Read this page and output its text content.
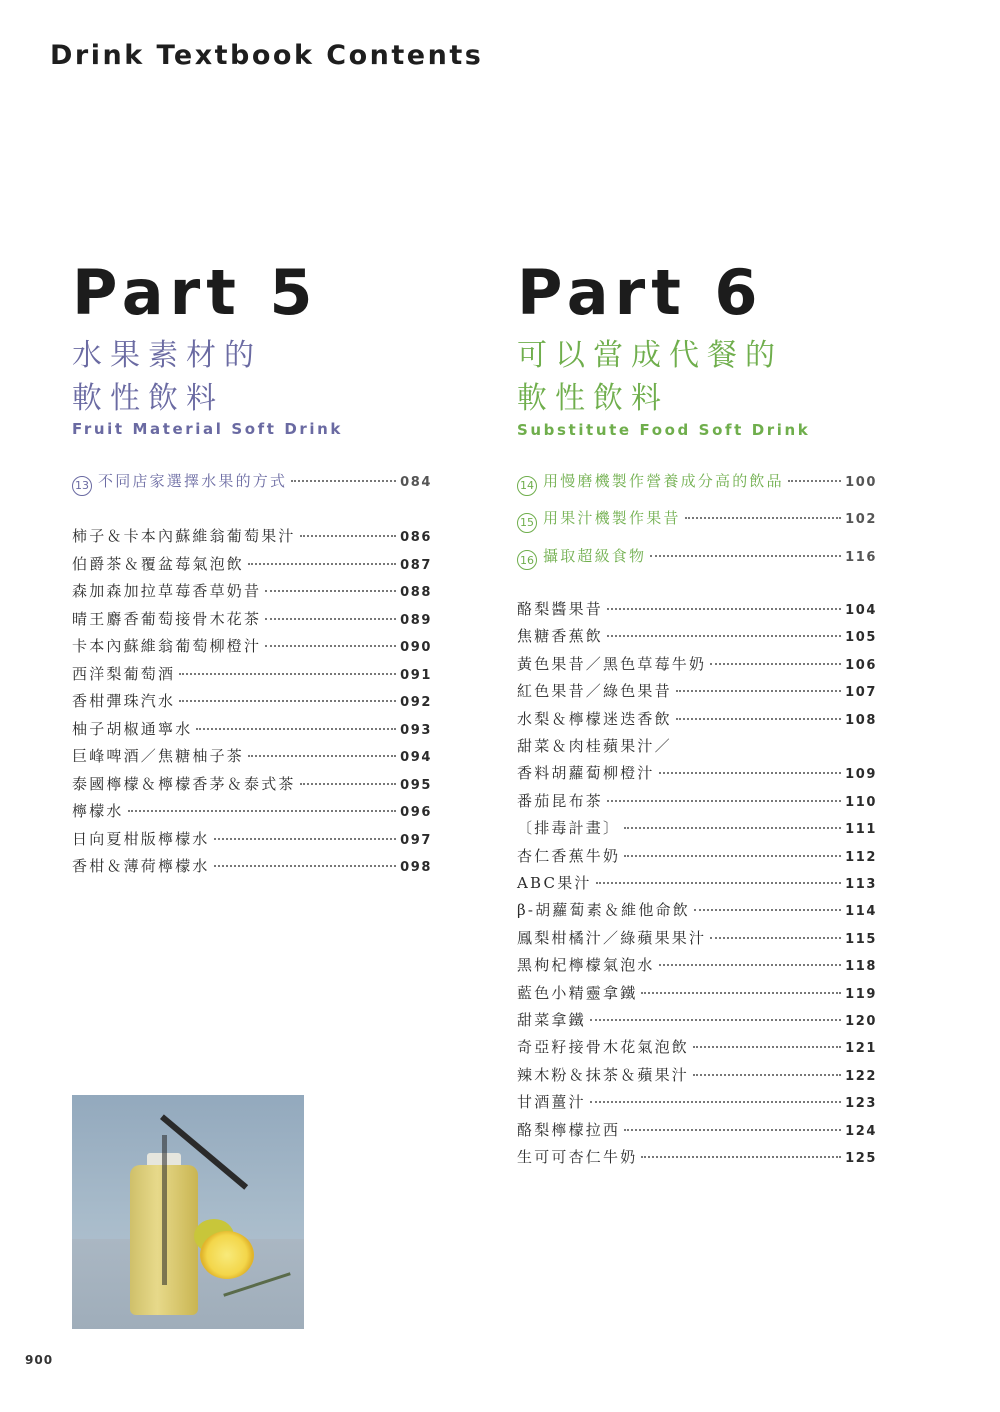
Drink Textbook Contents
Part 5
水果素材的
軟性飲料
Fruit Material Soft Drink
13 不同店家選擇水果的方式	084
柿子＆卡本內蘇維翁葡萄果汁	086
伯爵茶＆覆盆莓氣泡飲	087
森加森加拉草莓香草奶昔	088
晴王麝香葡萄接骨木花茶	089
卡本內蘇維翁葡萄柳橙汁	090
西洋梨葡萄酒	091
香柑彈珠汽水	092
柚子胡椒通寧水	093
巨峰啤酒／焦糖柚子茶	094
泰國檸檬＆檸檬香茅＆泰式茶	095
檸檬水	096
日向夏柑版檸檬水	097
香柑＆薄荷檸檬水	098
Part 6
可以當成代餐的
軟性飲料
Substitute Food Soft Drink
14 用慢磨機製作營養成分高的飲品	100
15 用果汁機製作果昔	102
16 攝取超級食物	116
酪梨醬果昔	104
焦糖香蕉飲	105
黃色果昔／黑色草莓牛奶	106
紅色果昔／綠色果昔	107
水梨＆檸檬迷迭香飲	108
甜菜＆肉桂蘋果汁／
香料胡蘿蔔柳橙汁	109
番茄昆布茶	110
〔排毒計畫〕	111
杏仁香蕉牛奶	112
ABC果汁	113
β-胡蘿蔔素＆維他命飲	114
鳳梨柑橘汁／綠蘋果果汁	115
黑枸杞檸檬氣泡水	118
藍色小精靈拿鐵	119
甜菜拿鐵	120
奇亞籽接骨木花氣泡飲	121
辣木粉＆抹茶＆蘋果汁	122
甘酒薑汁	123
酪梨檸檬拉西	124
生可可杏仁牛奶	125
006
